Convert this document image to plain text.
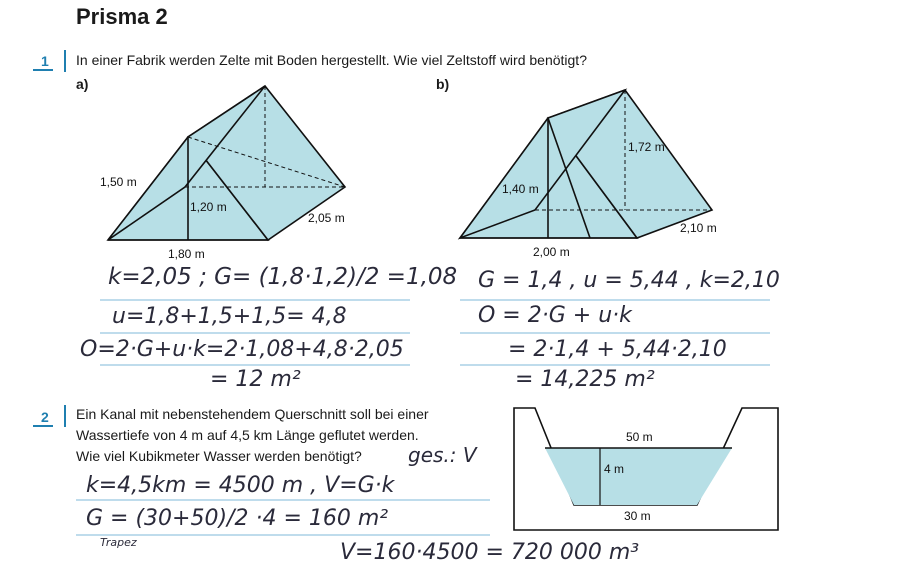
Prisma 2
1 In einer Fabrik werden Zelte mit Boden hergestellt. Wie viel Zeltstoff wird benötigt?
a)	b)
1,50 m
1,20 m
1,80 m
2,05 m
1,40 m
1,72 m
2,00 m
2,10 m
50 m
4 m
30 m
k=2,05 ; G= (1,8·1,2)/2 =1,08
u=1,8+1,5+1,5= 4,8
O=2·G+u·k=2·1,08+4,8·2,05
= 12 m²
G = 1,4 , u = 5,44 , k=2,10
O = 2·G + u·k
= 2·1,4 + 5,44·2,10
= 14,225 m²
2 Ein Kanal mit nebenstehendem Querschnitt soll bei einer
Wassertiefe von 4 m auf 4,5 km Länge geflutet werden.
Wie viel Kubikmeter Wasser werden benötigt? ges.: V
k=4,5km = 4500 m , V=G·k
G = (30+50)/2 ·4 = 160 m²
Trapez	V=160·4500 = 720 000 m³
